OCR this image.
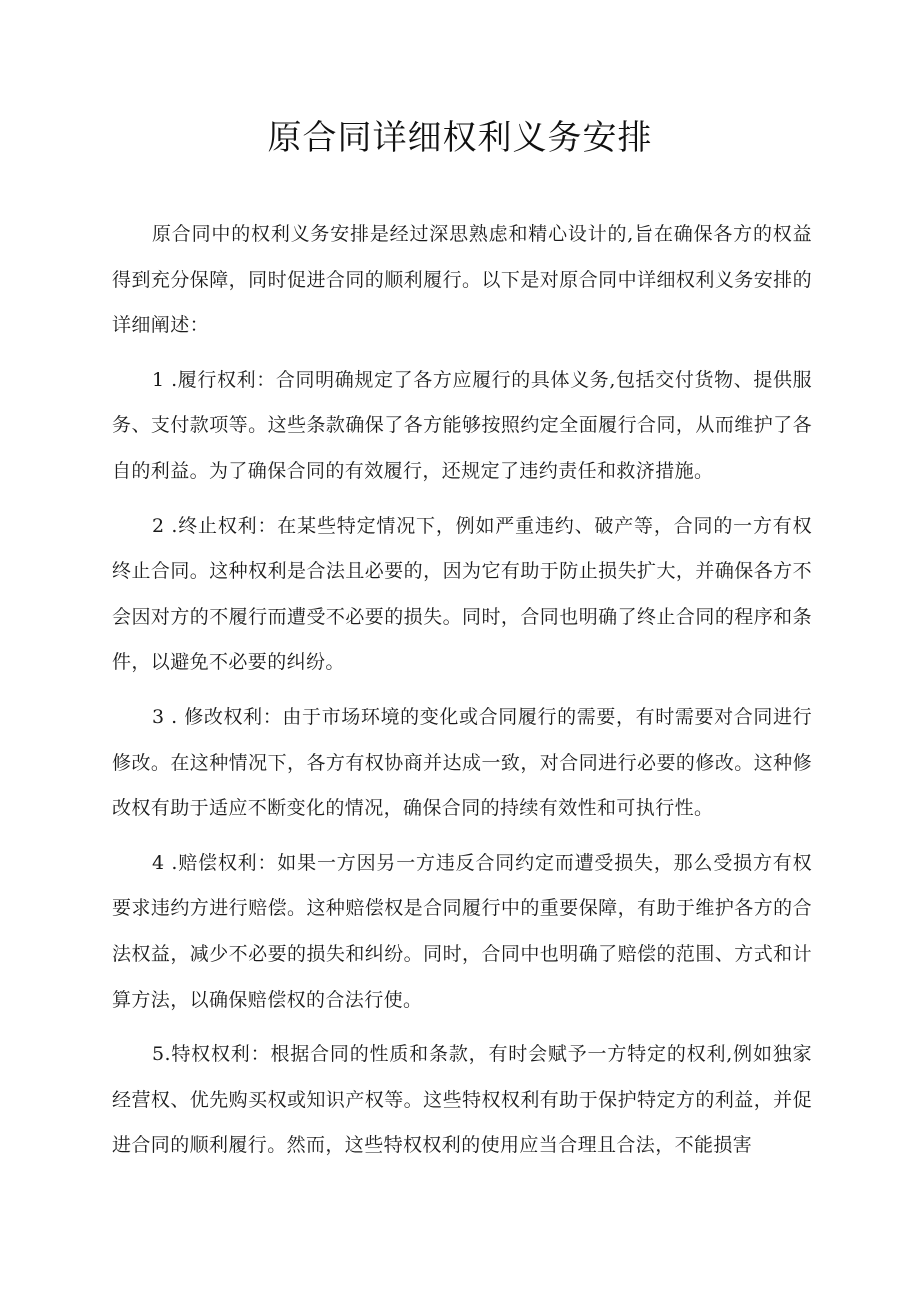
原合同详细权利义务安排

原合同中的权利义务安排是经过深思熟虑和精心设计的,旨在确保各方的权益得到充分保障，同时促进合同的顺利履行。以下是对原合同中详细权利义务安排的详细阐述：

1 .履行权利：合同明确规定了各方应履行的具体义务,包括交付货物、提供服务、支付款项等。这些条款确保了各方能够按照约定全面履行合同，从而维护了各自的利益。为了确保合同的有效履行，还规定了违约责任和救济措施。

2 .终止权利：在某些特定情况下，例如严重违约、破产等，合同的一方有权终止合同。这种权利是合法且必要的，因为它有助于防止损失扩大，并确保各方不会因对方的不履行而遭受不必要的损失。同时，合同也明确了终止合同的程序和条件，以避免不必要的纠纷。

3 . 修改权利：由于市场环境的变化或合同履行的需要，有时需要对合同进行修改。在这种情况下，各方有权协商并达成一致，对合同进行必要的修改。这种修改权有助于适应不断变化的情况，确保合同的持续有效性和可执行性。

4 .赔偿权利：如果一方因另一方违反合同约定而遭受损失，那么受损方有权要求违约方进行赔偿。这种赔偿权是合同履行中的重要保障，有助于维护各方的合法权益，减少不必要的损失和纠纷。同时，合同中也明确了赔偿的范围、方式和计算方法，以确保赔偿权的合法行使。

5.特权权利：根据合同的性质和条款，有时会赋予一方特定的权利,例如独家经营权、优先购买权或知识产权等。这些特权权利有助于保护特定方的利益，并促进合同的顺利履行。然而，这些特权权利的使用应当合理且合法，不能损害
